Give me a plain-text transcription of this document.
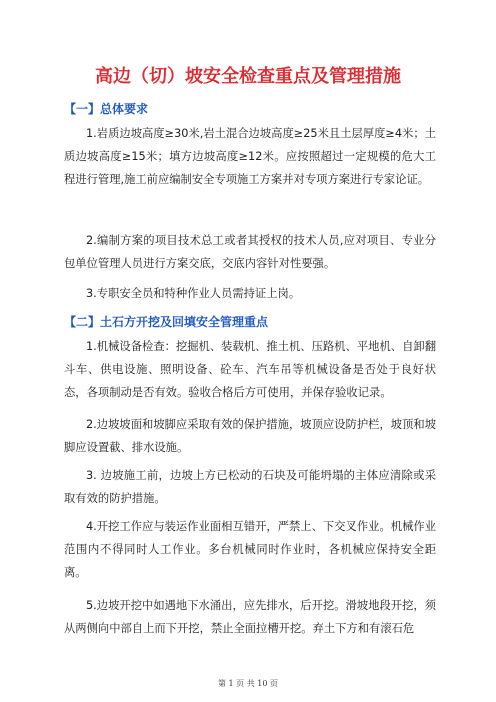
高边（切）坡安全检查重点及管理措施
【一】总体要求

1.岩质边坡高度≥30米,岩土混合边坡高度≥25米且土层厚度≥4米；土质边坡高度≥15米；填方边坡高度≥12米。应按照超过一定规模的危大工程进行管理,施工前应编制安全专项施工方案并对专项方案进行专家论证。

2.编制方案的项目技术总工或者其授权的技术人员,应对项目、专业分包单位管理人员进行方案交底，交底内容针对性要强。

3.专职安全员和特种作业人员需持证上岗。

【二】土石方开挖及回填安全管理重点

1.机械设备检查：挖掘机、装载机、推土机、压路机、平地机、自卸翻斗车、供电设施、照明设备、砼车、汽车吊等机械设备是否处于良好状态，各项制动是否有效。验收合格后方可使用，并保存验收记录。

2.边坡坡面和坡脚应采取有效的保护措施，坡顶应设防护栏，坡顶和坡脚应设置截、排水设施。

3. 边坡施工前，边坡上方已松动的石块及可能坍塌的主体应清除或采取有效的防护措施。

4.开挖工作应与装运作业面相互错开，严禁上、下交叉作业。机械作业范围内不得同时人工作业。多台机械同时作业时，各机械应保持安全距离。

5.边坡开挖中如遇地下水涌出，应先排水，后开挖。滑坡地段开挖，须从两侧向中部自上而下开挖，禁止全面拉槽开挖。弃土下方和有滚石危

第 1 页 共 10 页
